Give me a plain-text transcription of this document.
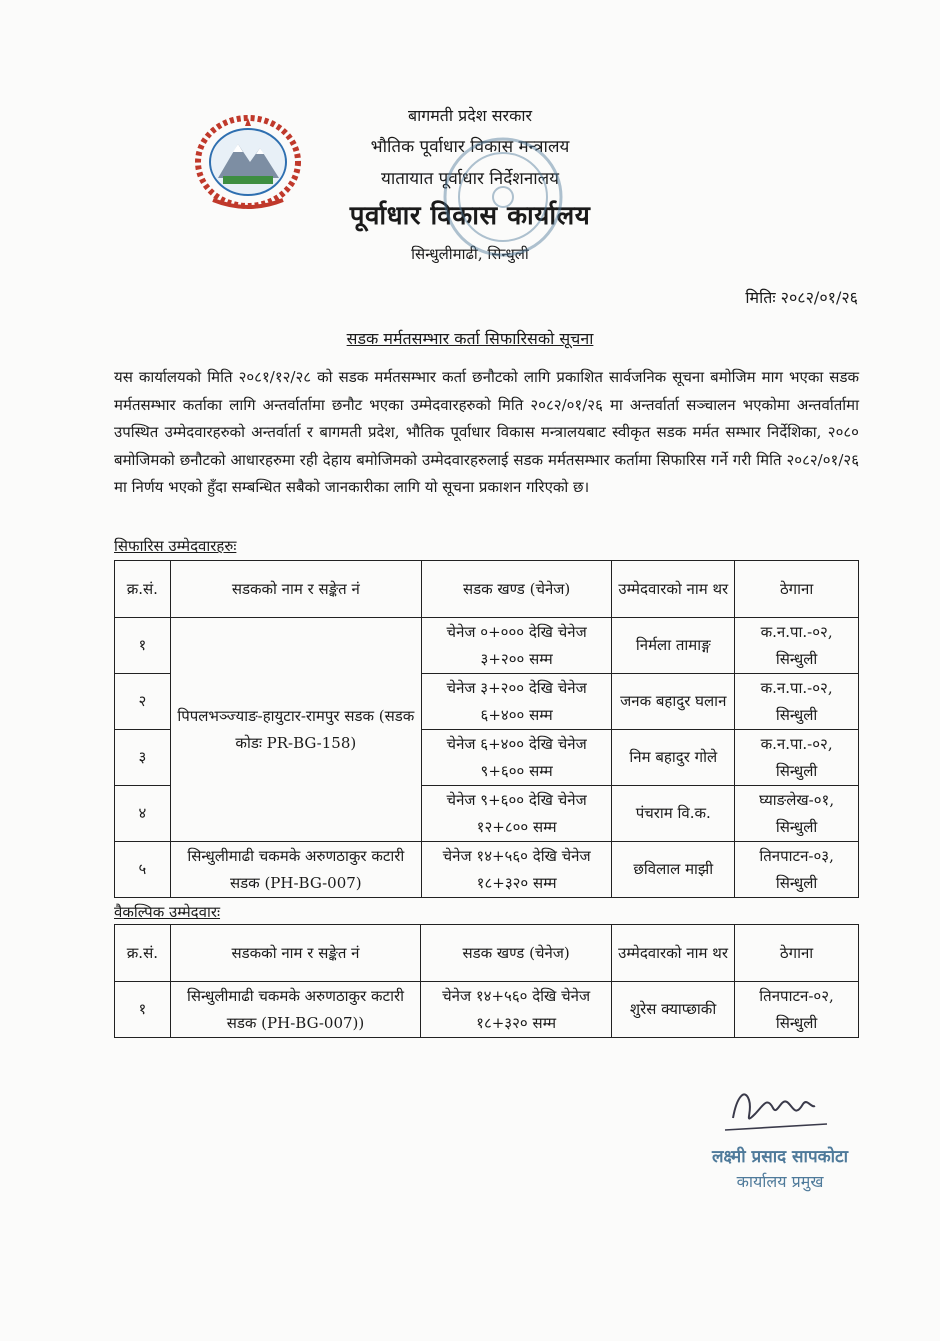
बागमती प्रदेश सरकार
भौतिक पूर्वाधार विकास मन्त्रालय
यातायात पूर्वाधार निर्देशनालय
पूर्वाधार विकास कार्यालय
सिन्धुलीमाढी, सिन्धुली
मितिः २०८२/०१/२६
सडक मर्मतसम्भार कर्ता सिफारिसको सूचना
यस कार्यालयको मिति २०८१/१२/२८ को सडक मर्मतसम्भार कर्ता छनौटको लागि प्रकाशित सार्वजनिक सूचना बमोजिम माग भएका सडक मर्मतसम्भार कर्ताका लागि अन्तर्वार्तामा छनौट भएका उम्मेदवारहरुको मिति २०८२/०१/२६ मा अन्तर्वार्ता सञ्चालन भएकोमा अन्तर्वार्तामा उपस्थित उम्मेदवारहरुको अन्तर्वार्ता र बागमती प्रदेश, भौतिक पूर्वाधार विकास मन्त्रालयबाट स्वीकृत सडक मर्मत सम्भार निर्देशिका, २०८० बमोजिमको छनौटको आधारहरुमा रही देहाय बमोजिमको उम्मेदवारहरुलाई सडक मर्मतसम्भार कर्तामा सिफारिस गर्ने गरी मिति २०८२/०१/२६ मा निर्णय भएको हुँदा सम्बन्धित सबैको जानकारीका लागि यो सूचना प्रकाशन गरिएको छ।
सिफारिस उम्मेदवारहरुः
क्र.सं.	सडकको नाम र सङ्केत नं	सडक खण्ड (चेनेज)	उम्मेदवारको नाम थर	ठेगाना
१	पिपलभञ्ज्याङ-हायुटार-रामपुर सडक (सडक कोडः PR-BG-158)	चेनेज ०+००० देखि चेनेज ३+२०० सम्म	निर्मला तामाङ्ग	क.न.पा.-०२, सिन्धुली
२		चेनेज ३+२०० देखि चेनेज ६+४०० सम्म	जनक बहादुर घलान	क.न.पा.-०२, सिन्धुली
३		चेनेज ६+४०० देखि चेनेज ९+६०० सम्म	निम बहादुर गोले	क.न.पा.-०२, सिन्धुली
४		चेनेज ९+६०० देखि चेनेज १२+८०० सम्म	पंचराम वि.क.	घ्याङलेख-०१, सिन्धुली
५	सिन्धुलीमाढी चकमके अरुणठाकुर कटारी सडक (PH-BG-007)	चेनेज १४+५६० देखि चेनेज १८+३२० सम्म	छविलाल माझी	तिनपाटन-०३, सिन्धुली
वैकल्पिक उम्मेदवारः
क्र.सं.	सडकको नाम र सङ्केत नं	सडक खण्ड (चेनेज)	उम्मेदवारको नाम थर	ठेगाना
१	सिन्धुलीमाढी चकमके अरुणठाकुर कटारी सडक (PH-BG-007))	चेनेज १४+५६० देखि चेनेज १८+३२० सम्म	शुरेस क्याप्छाकी	तिनपाटन-०२, सिन्धुली
लक्ष्मी प्रसाद सापकोटा
कार्यालय प्रमुख
